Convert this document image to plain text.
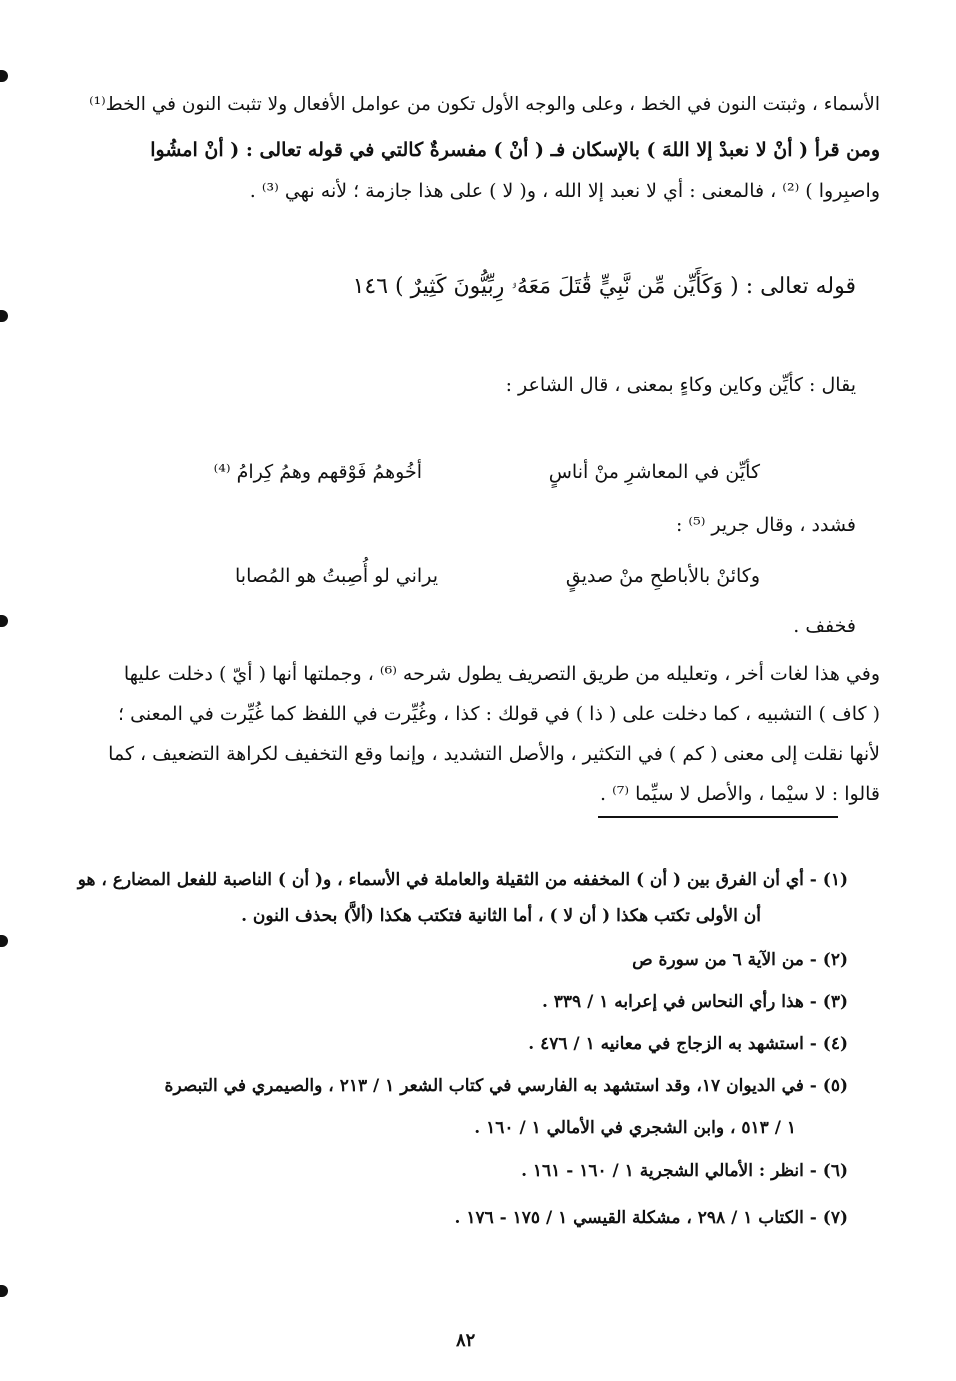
الأسماء ، وثبتت النون في الخط ، وعلى والوجه الأول تكون من عوامل الأفعال ولا تثبت النون في الخط⁽¹⁾
ومن قرأ ( أنْ لا نعبدْ إلا اللهَ ) بالإسكان فـ ( أنْ ) مفسرةٌ كالتي في قوله تعالى : ( أنْ امشُوا
واصبِروا ) ⁽²⁾ ، فالمعنى : أي لا نعبد إلا الله ، و( لا ) على هذا جازمة ؛ لأنه نهي ⁽³⁾ .
قوله تعالى : ( وَكَأَيِّن مِّن نَّبِيٍّ قَٰتَلَ مَعَهُۥ رِبِّيُّونَ كَثِيرٌ ) ١٤٦
يقال : كأيِّن وكاين وكاءٍ بمعنى ، قال الشاعر :
كأيِّن في المعاشرِ منْ أناسٍ
أخُوهمُ فَوْقهم وهمُ كِرامُ ⁽⁴⁾
فشدد ، وقال جرير ⁽⁵⁾ :
وكائنْ بالأباطحِ منْ صديقٍ
يراني لو أُصِبتُ هو المُصابا
فخفف .
وفي هذا لغات أخر ، وتعليله من طريق التصريف يطول شرحه ⁽⁶⁾ ، وجملتها أنها ( أيّ ) دخلت عليها
( كاف ) التشبيه ، كما دخلت على ( ذا ) في قولك : كذا ، وغُيِّرت في اللفظ كما غُيِّرت في المعنى ؛
لأنها نقلت إلى معنى ( كم ) في التكثير ، والأصل التشديد ، وإنما وقع التخفيف لكراهة التضعيف ، كما
قالوا : لا سيْما ، والأصل لا سيِّما ⁽⁷⁾ .
(١) - أي أن الفرق بين ( أن ) المخففه من الثقيلة والعاملة في الأسماء ، و( أن ) الناصبة للفعل المضارع ، هو
أن الأولى تكتب هكذا ( أن لا ) ، أما الثانية فتكتب هكذا (ألاَّ) بحذف النون .
(٢) - من الآية ٦ من سورة ص
(٣) - هذا رأي النحاس في إعرابه ١ / ٣٣٩ .
(٤) - استشهد به الزجاج في معانيه ١ / ٤٧٦ .
(٥) - في الديوان ١٧، وقد استشهد به الفارسي في كتاب الشعر ١ / ٢١٣ ، والصيمري في التبصرة
١ / ٥١٣ ، وابن الشجري في الأمالي ١ / ١٦٠ .
(٦) - انظر : الأمالي الشجرية ١ / ١٦٠ - ١٦١ .
(٧) - الكتاب ١ / ٢٩٨ ، مشكلة القيسي ١ / ١٧٥ - ١٧٦ .
٨٢
